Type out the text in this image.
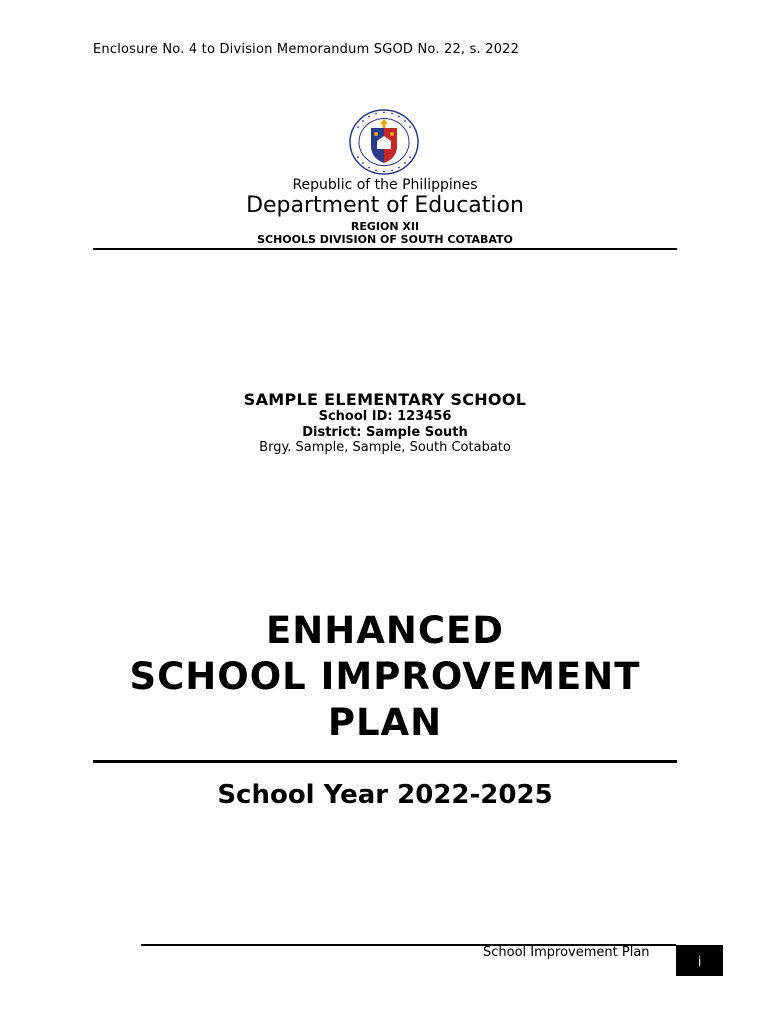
Enclosure No. 4 to Division Memorandum SGOD No. 22, s. 2022
Republic of the Philippines
Department of Education
REGION XII
SCHOOLS DIVISION OF SOUTH COTABATO
SAMPLE ELEMENTARY SCHOOL
School ID: 123456
District: Sample South
Brgy. Sample, Sample, South Cotabato
ENHANCED
SCHOOL IMPROVEMENT
PLAN
School Year 2022-2025
School Improvement Plan
i
